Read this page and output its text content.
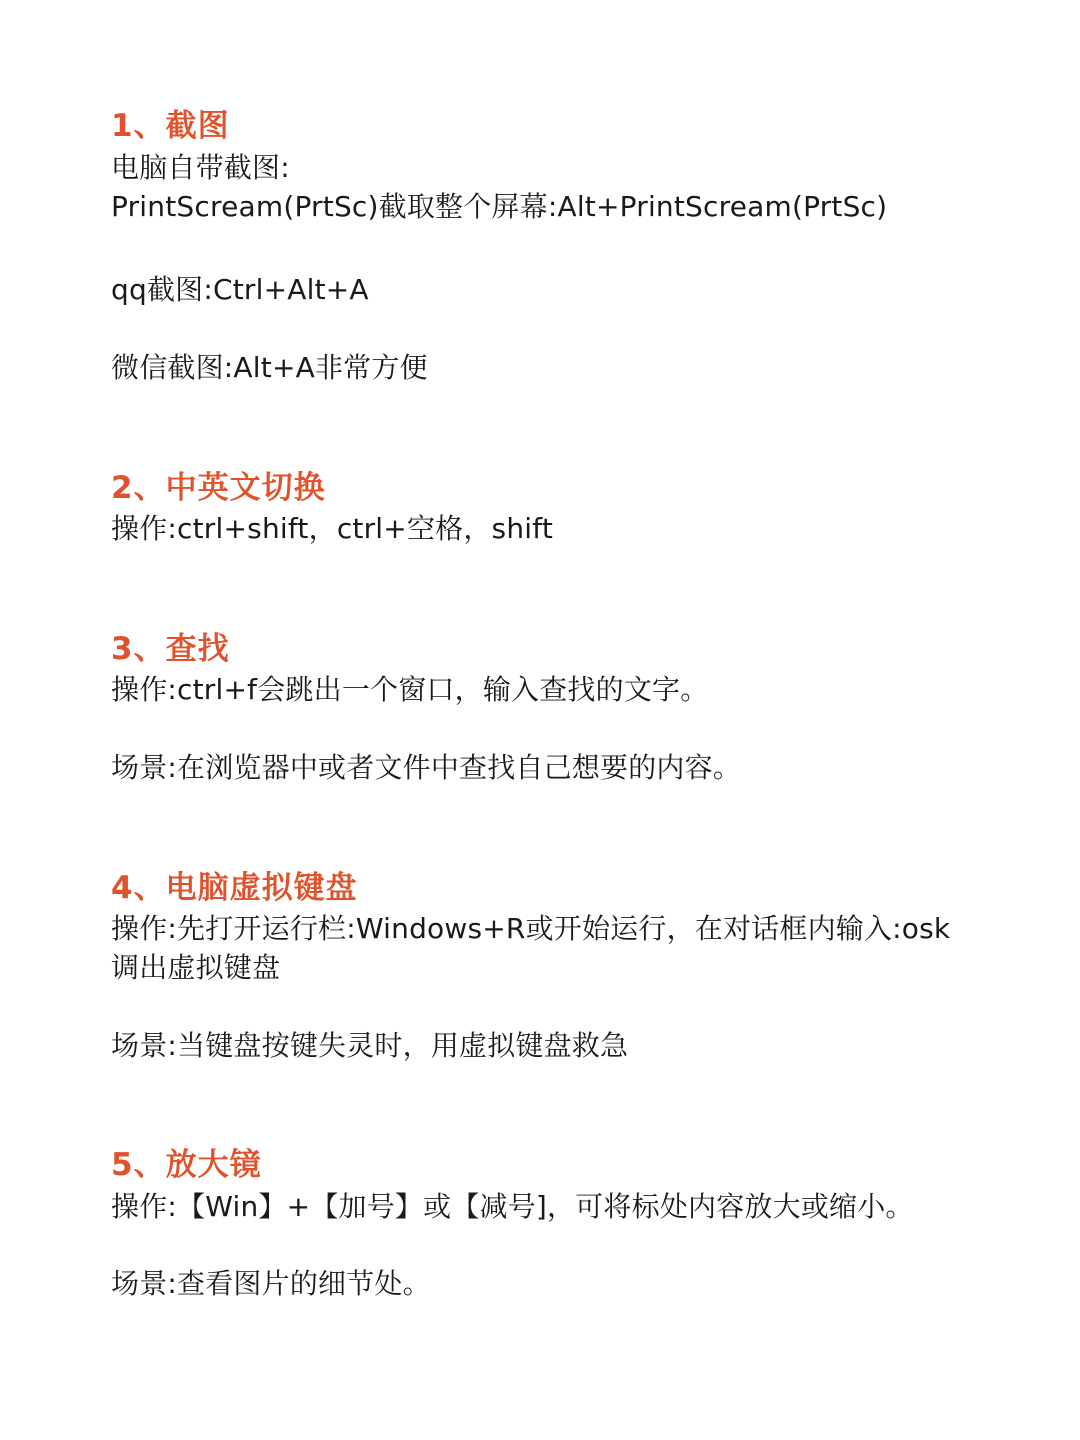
1、截图
电脑自带截图:
PrintScream(PrtSc)截取整个屏幕:Alt+PrintScream(PrtSc)
qq截图:Ctrl+Alt+A
微信截图:Alt+A非常方便
2、中英文切换
操作:ctrl+shift，ctrl+空格，shift
3、查找
操作:ctrl+f会跳出一个窗口，输入查找的文字。
场景:在浏览器中或者文件中查找自己想要的内容。
4、电脑虚拟键盘
操作:先打开运行栏:Windows+R或开始运行，在对话框内输入:osk
调出虚拟键盘
场景:当键盘按键失灵时，用虚拟键盘救急
5、放大镜
操作:【Win】+【加号】或【减号]，可将标处内容放大或缩小。
场景:查看图片的细节处。
